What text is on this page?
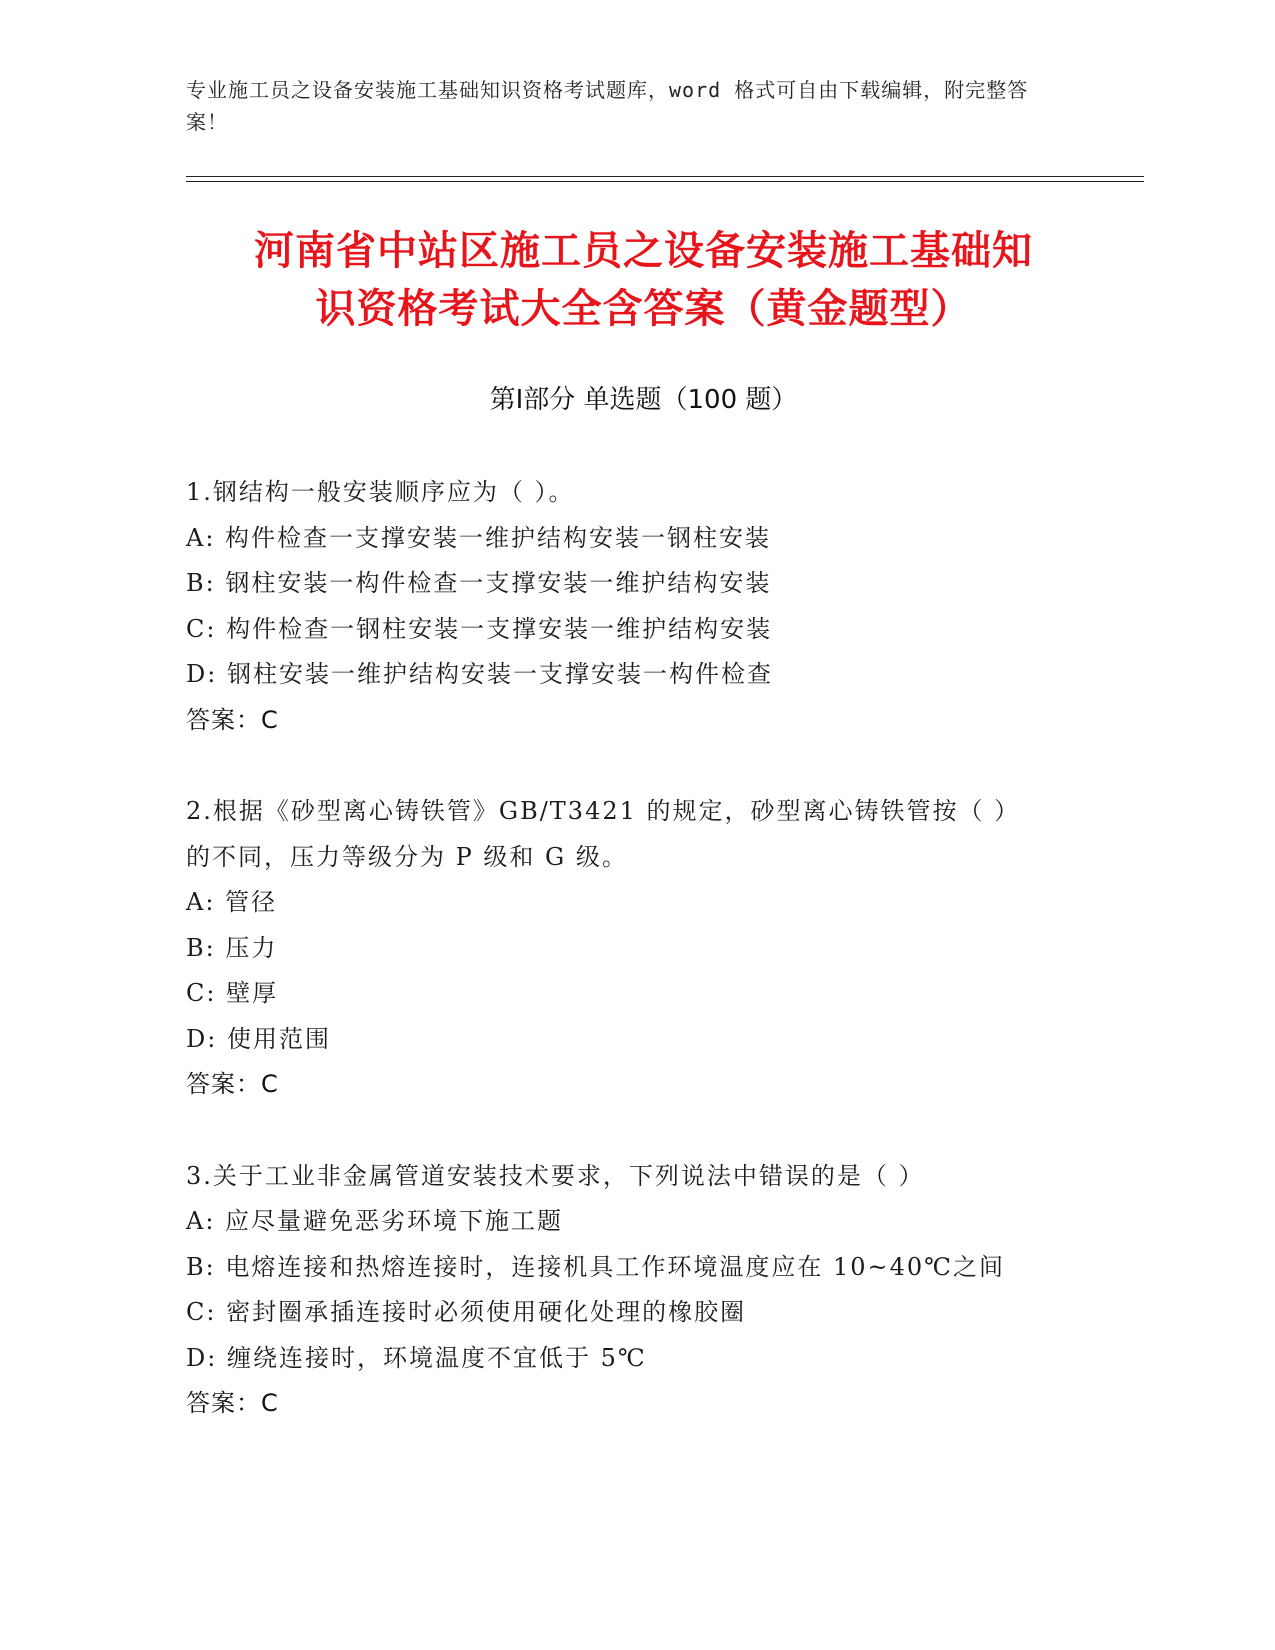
专业施工员之设备安装施工基础知识资格考试题库，word 格式可自由下载编辑，附完整答案！
河南省中站区施工员之设备安装施工基础知
识资格考试大全含答案（黄金题型）
第Ⅰ部分 单选题（100 题）
1.钢结构一般安装顺序应为（ ）。
A: 构件检查一支撑安装一维护结构安装一钢柱安装
B: 钢柱安装一构件检查一支撑安装一维护结构安装
C: 构件检查一钢柱安装一支撑安装一维护结构安装
D: 钢柱安装一维护结构安装一支撑安装一构件检查
答案：C
2.根据《砂型离心铸铁管》GB/T3421 的规定，砂型离心铸铁管按（ ）
的不同，压力等级分为 P 级和 G 级。
A: 管径
B: 压力
C: 壁厚
D: 使用范围
答案：C
3.关于工业非金属管道安装技术要求，下列说法中错误的是（ ）
A: 应尽量避免恶劣环境下施工题
B: 电熔连接和热熔连接时，连接机具工作环境温度应在 10~40℃之间
C: 密封圈承插连接时必须使用硬化处理的橡胶圈
D: 缠绕连接时，环境温度不宜低于 5℃
答案：C
